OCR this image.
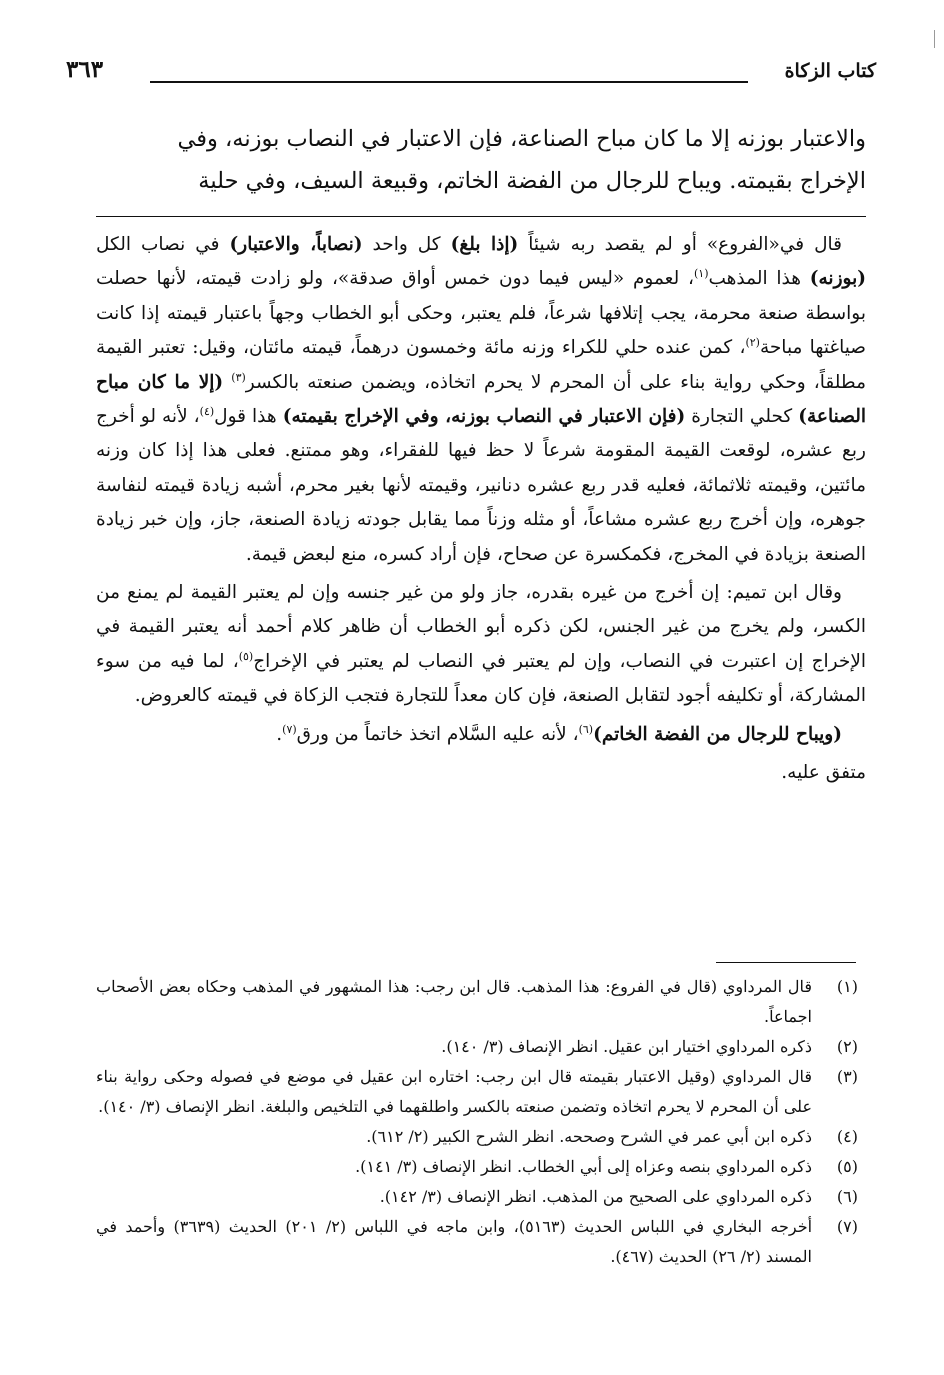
كتاب الزكاة
٣٦٣
والاعتبار بوزنه إلا ما كان مباح الصناعة، فإن الاعتبار في النصاب بوزنه، وفي
الإخراج بقيمته. ويباح للرجال من الفضة الخاتم، وقبيعة السيف، وفي حلية

قال في«الفروع» أو لم يقصد ربه شيئاً (إذا بلغ) كل واحد (نصاباً، والاعتبار) في نصاب الكل (بوزنه) هذا المذهب$^{(١)}$، لعموم «ليس فيما دون خمس أواق صدقة»، ولو زادت قيمته، لأنها حصلت بواسطة صنعة محرمة، يجب إتلافها شرعاً، فلم يعتبر، وحكى أبو الخطاب وجهاً باعتبار قيمته إذا كانت صياغتها مباحة$^{(٢)}$، كمن عنده حلي للكراء وزنه مائة وخمسون درهماً، قيمته مائتان، وقيل: تعتبر القيمة مطلقاً، وحكي رواية بناء على أن المحرم لا يحرم اتخاذه، ويضمن صنعته بالكسر$^{(٣)}$ (إلا ما كان مباح الصناعة) كحلي التجارة (فإن الاعتبار في النصاب بوزنه، وفي الإخراج بقيمته) هذا قول$^{(٤)}$، لأنه لو أخرج ربع عشره، لوقعت القيمة المقومة شرعاً لا حظ فيها للفقراء، وهو ممتنع. فعلى هذا إذا كان وزنه مائتين، وقيمته ثلاثمائة، فعليه قدر ربع عشره دنانير، وقيمته لأنها بغير محرم، أشبه زيادة قيمته لنفاسة جوهره، وإن أخرج ربع عشره مشاعاً، أو مثله وزناً مما يقابل جودته زيادة الصنعة، جاز، وإن خبر زيادة الصنعة بزيادة في المخرج، فكمكسرة عن صحاح، فإن أراد كسره، منع لبعض قيمة.

وقال ابن تميم: إن أخرج من غيره بقدره، جاز ولو من غير جنسه وإن لم يعتبر القيمة لم يمنع من الكسر، ولم يخرج من غير الجنس، لكن ذكره أبو الخطاب أن ظاهر كلام أحمد أنه يعتبر القيمة في الإخراج إن اعتبرت في النصاب، وإن لم يعتبر في النصاب لم يعتبر في الإخراج$^{(٥)}$، لما فيه من سوء المشاركة، أو تكليفه أجود لتقابل الصنعة، فإن كان معداً للتجارة فتجب الزكاة في قيمته كالعروض.

(ويباح للرجال من الفضة الخاتم)$^{(٦)}$، لأنه عليه السَّلام اتخذ خاتماً من ورق$^{(٧)}$.

متفق عليه.

(١)
قال المرداوي (قال في الفروع: هذا المذهب. قال ابن رجب: هذا المشهور في المذهب وحكاه بعض الأصحاب اجماعاً.
(٢)
ذكره المرداوي اختيار ابن عقيل. انظر الإنصاف (٣/ ١٤٠).
(٣)
قال المرداوي (وقيل الاعتبار بقيمته قال ابن رجب: اختاره ابن عقيل في موضع في فصوله وحكى رواية بناء على أن المحرم لا يحرم اتخاذه وتضمن صنعته بالكسر واطلقهما في التلخيص والبلغة. انظر الإنصاف (٣/ ١٤٠).
(٤)
ذكره ابن أبي عمر في الشرح وصححه. انظر الشرح الكبير (٢/ ٦١٢).
(٥)
ذكره المرداوي بنصه وعزاه إلى أبي الخطاب. انظر الإنصاف (٣/ ١٤١).
(٦)
ذكره المرداوي على الصحيح من المذهب. انظر الإنصاف (٣/ ١٤٢).
(٧)
أخرجه البخاري في اللباس الحديث (٥١٦٣)، وابن ماجه في اللباس (٢/ ٢٠١) الحديث (٣٦٣٩) وأحمد في المسند (٢/ ٢٦) الحديث (٤٦٧).
